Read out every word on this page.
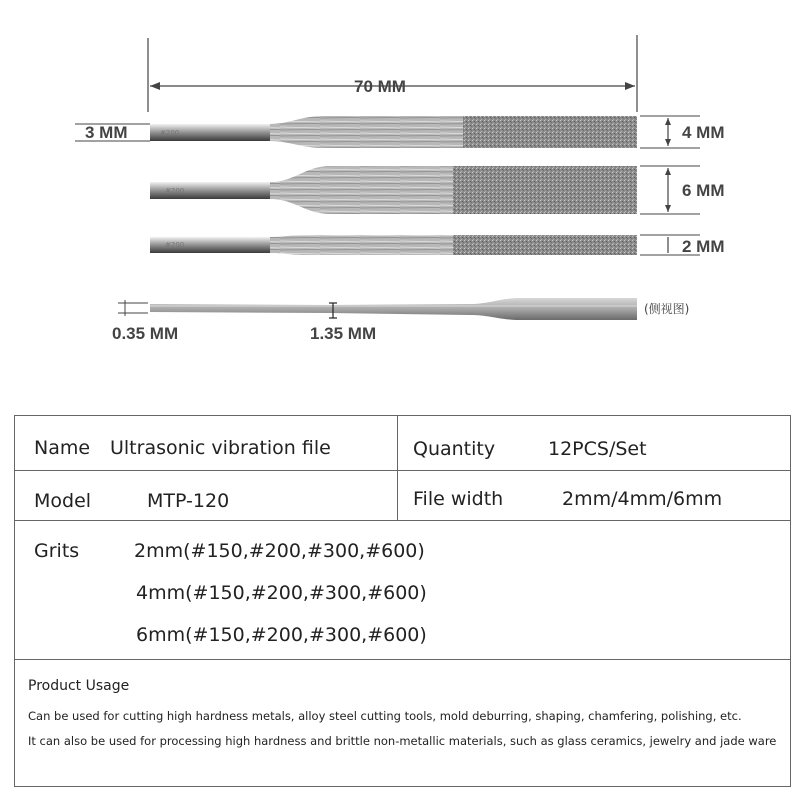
70 MM
3 MM	#200	4 MM
#200	6 MM
#200	2 MM
(侧视图)
0.35 MM	1.35 MM
Name Ultrasonic vibration file	Quantity	12PCS/Set
Model	MTP-120	File width	2mm/4mm/6mm
Grits	2mm(#150,#200,#300,#600)
4mm(#150,#200,#300,#600)
6mm(#150,#200,#300,#600)
Product Usage
Can be used for cutting high hardness metals, alloy steel cutting tools, mold deburring, shaping, chamfering, polishing, etc.
It can also be used for processing high hardness and brittle non-metallic materials, such as glass ceramics, jewelry and jade ware
